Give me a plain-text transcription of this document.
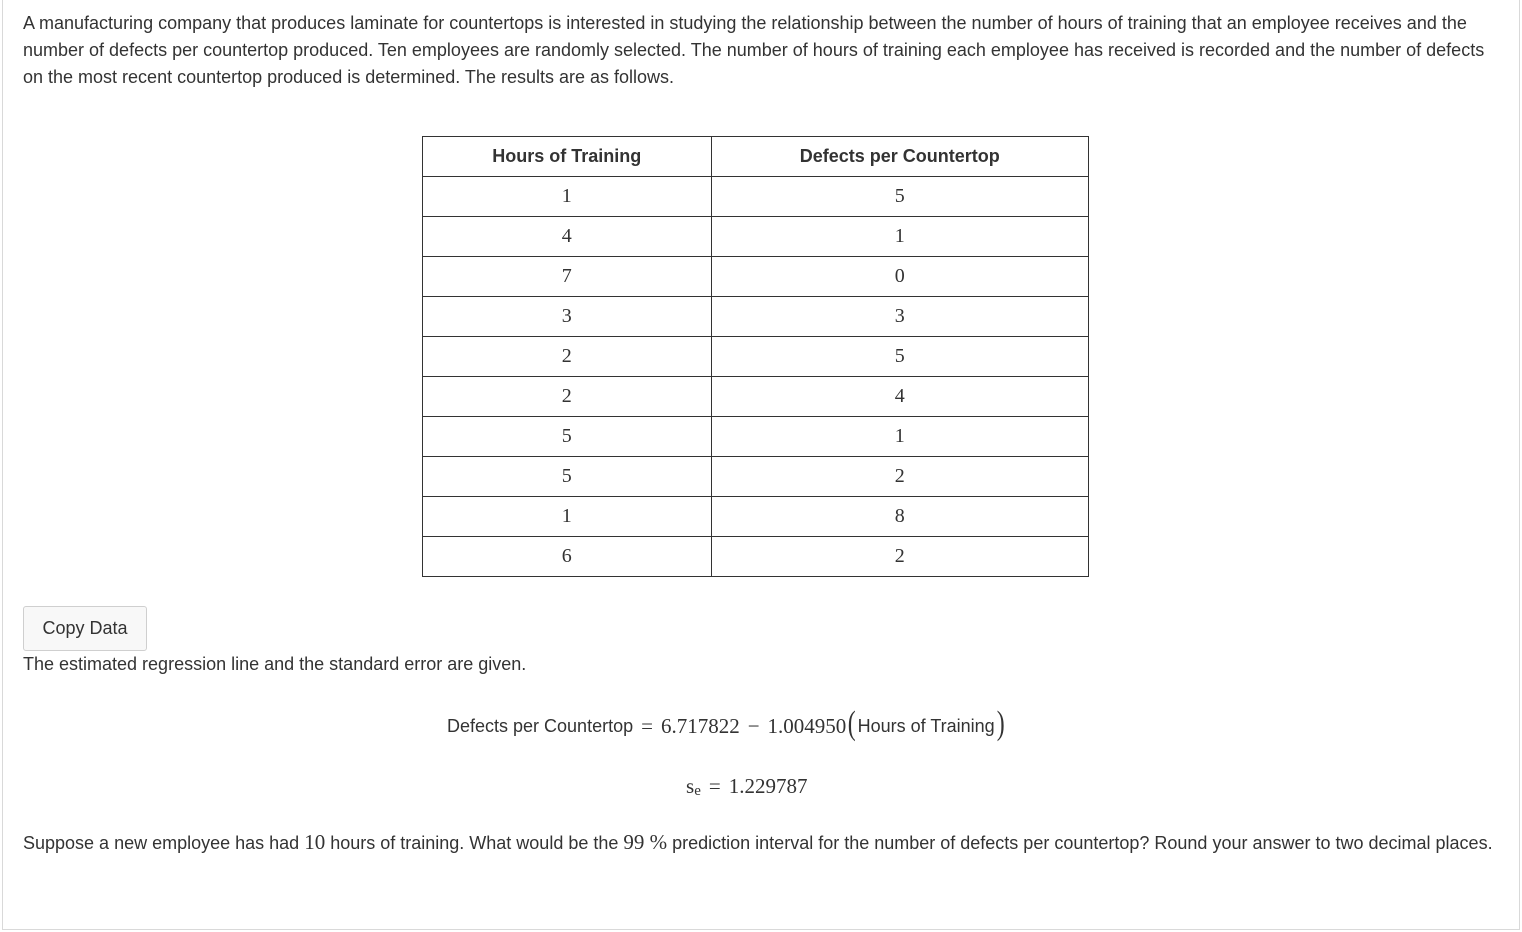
A manufacturing company that produces laminate for countertops is interested in studying the relationship between the number of hours of training that an employee receives and the number of defects per countertop produced. Ten employees are randomly selected. The number of hours of training each employee has received is recorded and the number of defects on the most recent countertop produced is determined. The results are as follows.

Hours of Training	Defects per Countertop
1	5
4	1
7	0
3	3
2	5
2	4
5	1
5	2
1	8
6	2
Copy Data

The estimated regression line and the standard error are given.

Defects per Countertop = 6.717822 − 1.004950 ( Hours of Training )
s e = 1.229787

Suppose a new employee has had 10 hours of training. What would be the 99 % prediction interval for the number of defects per countertop? Round your answer to two decimal places.
